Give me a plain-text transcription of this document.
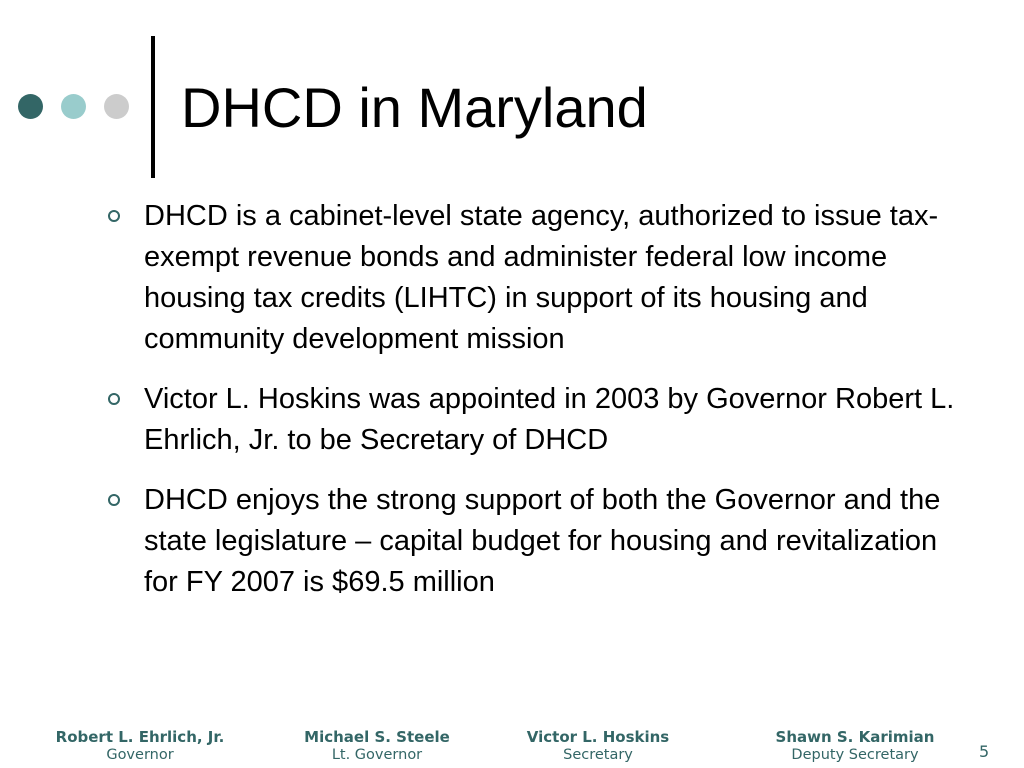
DHCD in Maryland
DHCD is a cabinet-level state agency, authorized to issue tax-exempt revenue bonds and administer federal low income housing tax credits (LIHTC) in support of its housing and community development mission
Victor L. Hoskins was appointed in 2003 by Governor Robert L. Ehrlich, Jr. to be Secretary of DHCD
DHCD enjoys the strong support of both the Governor and the state legislature – capital budget for housing and revitalization for FY 2007 is $69.5 million
Robert L. Ehrlich, Jr.
Governor
Michael S. Steele
Lt. Governor
Victor L. Hoskins
Secretary
Shawn S. Karimian
Deputy Secretary	5
